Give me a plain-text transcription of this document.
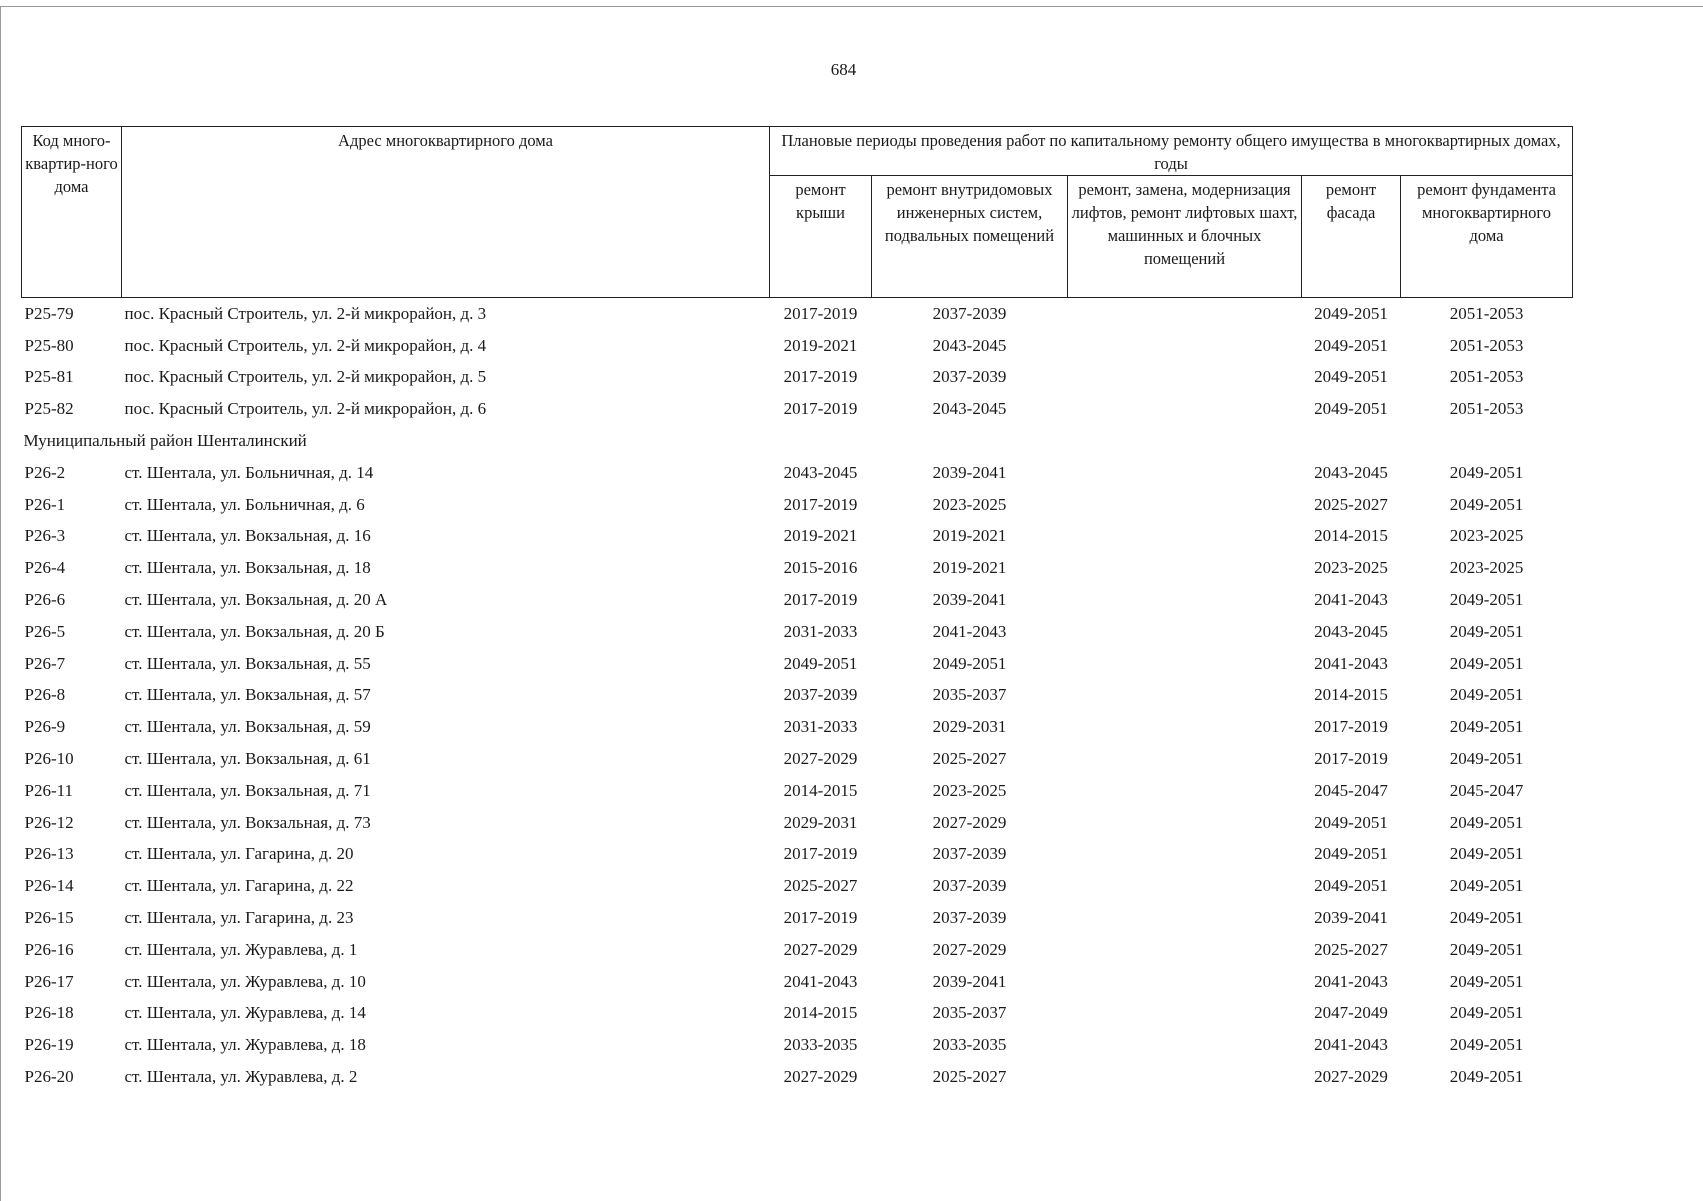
684
Код много-квартир-ного дома	Адрес многоквартирного дома	Плановые периоды проведения работ по капитальному ремонту общего имущества в многоквартирных домах, годы				
		ремонт крыши	ремонт внутридомовых инженерных систем, подвальных помещений	ремонт, замена, модернизация лифтов, ремонт лифтовых шахт, машинных и блочных помещений	ремонт фасада	ремонт фундамента многоквартирного дома
Р25-79	пос. Красный Строитель, ул. 2-й микрорайон, д. 3	2017-2019	2037-2039		2049-2051	2051-2053
Р25-80	пос. Красный Строитель, ул. 2-й микрорайон, д. 4	2019-2021	2043-2045		2049-2051	2051-2053
Р25-81	пос. Красный Строитель, ул. 2-й микрорайон, д. 5	2017-2019	2037-2039		2049-2051	2051-2053
Р25-82	пос. Красный Строитель, ул. 2-й микрорайон, д. 6	2017-2019	2043-2045		2049-2051	2051-2053
Муниципальный район Шенталинский						
Р26-2	ст. Шентала, ул. Больничная, д. 14	2043-2045	2039-2041		2043-2045	2049-2051
Р26-1	ст. Шентала, ул. Больничная, д. 6	2017-2019	2023-2025		2025-2027	2049-2051
Р26-3	ст. Шентала, ул. Вокзальная, д. 16	2019-2021	2019-2021		2014-2015	2023-2025
Р26-4	ст. Шентала, ул. Вокзальная, д. 18	2015-2016	2019-2021		2023-2025	2023-2025
Р26-6	ст. Шентала, ул. Вокзальная, д. 20 А	2017-2019	2039-2041		2041-2043	2049-2051
Р26-5	ст. Шентала, ул. Вокзальная, д. 20 Б	2031-2033	2041-2043		2043-2045	2049-2051
Р26-7	ст. Шентала, ул. Вокзальная, д. 55	2049-2051	2049-2051		2041-2043	2049-2051
Р26-8	ст. Шентала, ул. Вокзальная, д. 57	2037-2039	2035-2037		2014-2015	2049-2051
Р26-9	ст. Шентала, ул. Вокзальная, д. 59	2031-2033	2029-2031		2017-2019	2049-2051
Р26-10	ст. Шентала, ул. Вокзальная, д. 61	2027-2029	2025-2027		2017-2019	2049-2051
Р26-11	ст. Шентала, ул. Вокзальная, д. 71	2014-2015	2023-2025		2045-2047	2045-2047
Р26-12	ст. Шентала, ул. Вокзальная, д. 73	2029-2031	2027-2029		2049-2051	2049-2051
Р26-13	ст. Шентала, ул. Гагарина, д. 20	2017-2019	2037-2039		2049-2051	2049-2051
Р26-14	ст. Шентала, ул. Гагарина, д. 22	2025-2027	2037-2039		2049-2051	2049-2051
Р26-15	ст. Шентала, ул. Гагарина, д. 23	2017-2019	2037-2039		2039-2041	2049-2051
Р26-16	ст. Шентала, ул. Журавлева, д. 1	2027-2029	2027-2029		2025-2027	2049-2051
Р26-17	ст. Шентала, ул. Журавлева, д. 10	2041-2043	2039-2041		2041-2043	2049-2051
Р26-18	ст. Шентала, ул. Журавлева, д. 14	2014-2015	2035-2037		2047-2049	2049-2051
Р26-19	ст. Шентала, ул. Журавлева, д. 18	2033-2035	2033-2035		2041-2043	2049-2051
Р26-20	ст. Шентала, ул. Журавлева, д. 2	2027-2029	2025-2027		2027-2029	2049-2051
